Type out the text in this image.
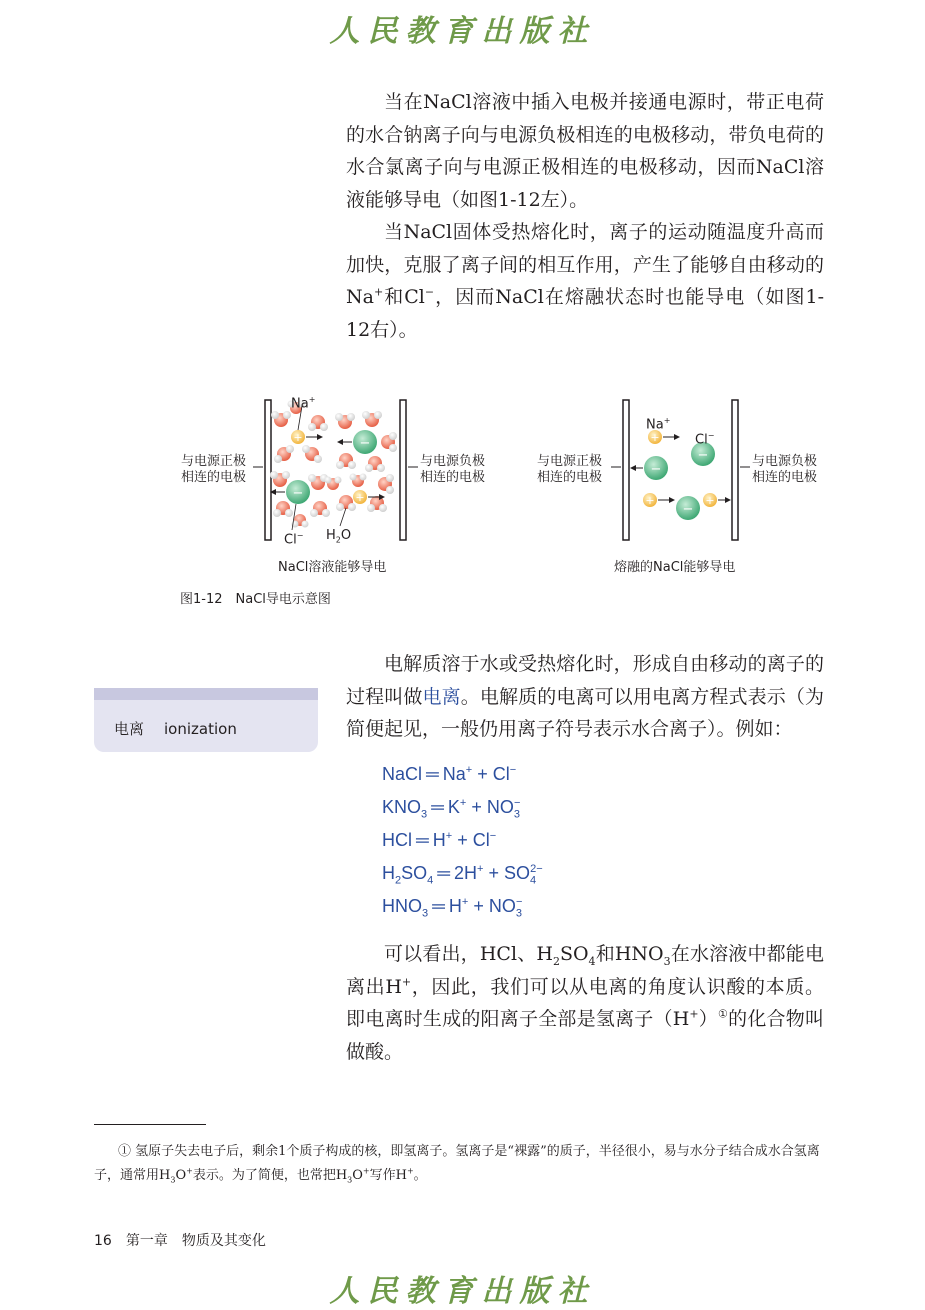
人民教育出版社

当在NaCl溶液中插入电极并接通电源时，带正电荷的水合钠离子向与电源负极相连的电极移动，带负电荷的水合氯离子向与电源正极相连的电极移动，因而NaCl溶液能够导电（如图1-12左）。

当NaCl固体受热熔化时，离子的运动随温度升高而加快，克服了离子间的相互作用，产生了能够自由移动的Na+和Cl−，因而NaCl在熔融状态时也能导电（如图1-12右）。

+	−
−	+
+
−
−
+
−
+
Na+
Cl− $H_2O$
与电源正极
相连的电极
与电源负极
相连的电极
NaCl溶液能够导电
Na+
Cl−
与电源正极
相连的电极
与电源负极
相连的电极
熔融的NaCl能够导电
图1-12　NaCl导电示意图
电离 ionization

电解质溶于水或受热熔化时，形成自由移动的离子的过程叫做电离。电解质的电离可以用电离方程式表示（为简便起见，一般仍用离子符号表示水合离子）。例如：

NaCl ═ Na+ + Cl−
$KNO_3$ ═ $K^+ + NO_3^-$
HCl ═ H+ + Cl−
$H_2SO_4$ ═ $2H^+ + SO_4^{2-}$
$HNO_3$ ═ $H^+ + NO_3^-$

可以看出，HCl、$H_2SO_4$和$HNO_3$在水溶液中都能电离出H+，因此，我们可以从电离的角度认识酸的本质。即电离时生成的阳离子全部是氢离子（H+）①的化合物叫做酸。

① 氢原子失去电子后，剩余1个质子构成的核，即氢离子。氢离子是“裸露”的质子，半径很小，易与水分子结合成水合氢离子，通常用$H_3O^+$表示。为了简便，也常把$H_3O^+$写作H+。

16 第一章 物质及其变化
人民教育出版社
